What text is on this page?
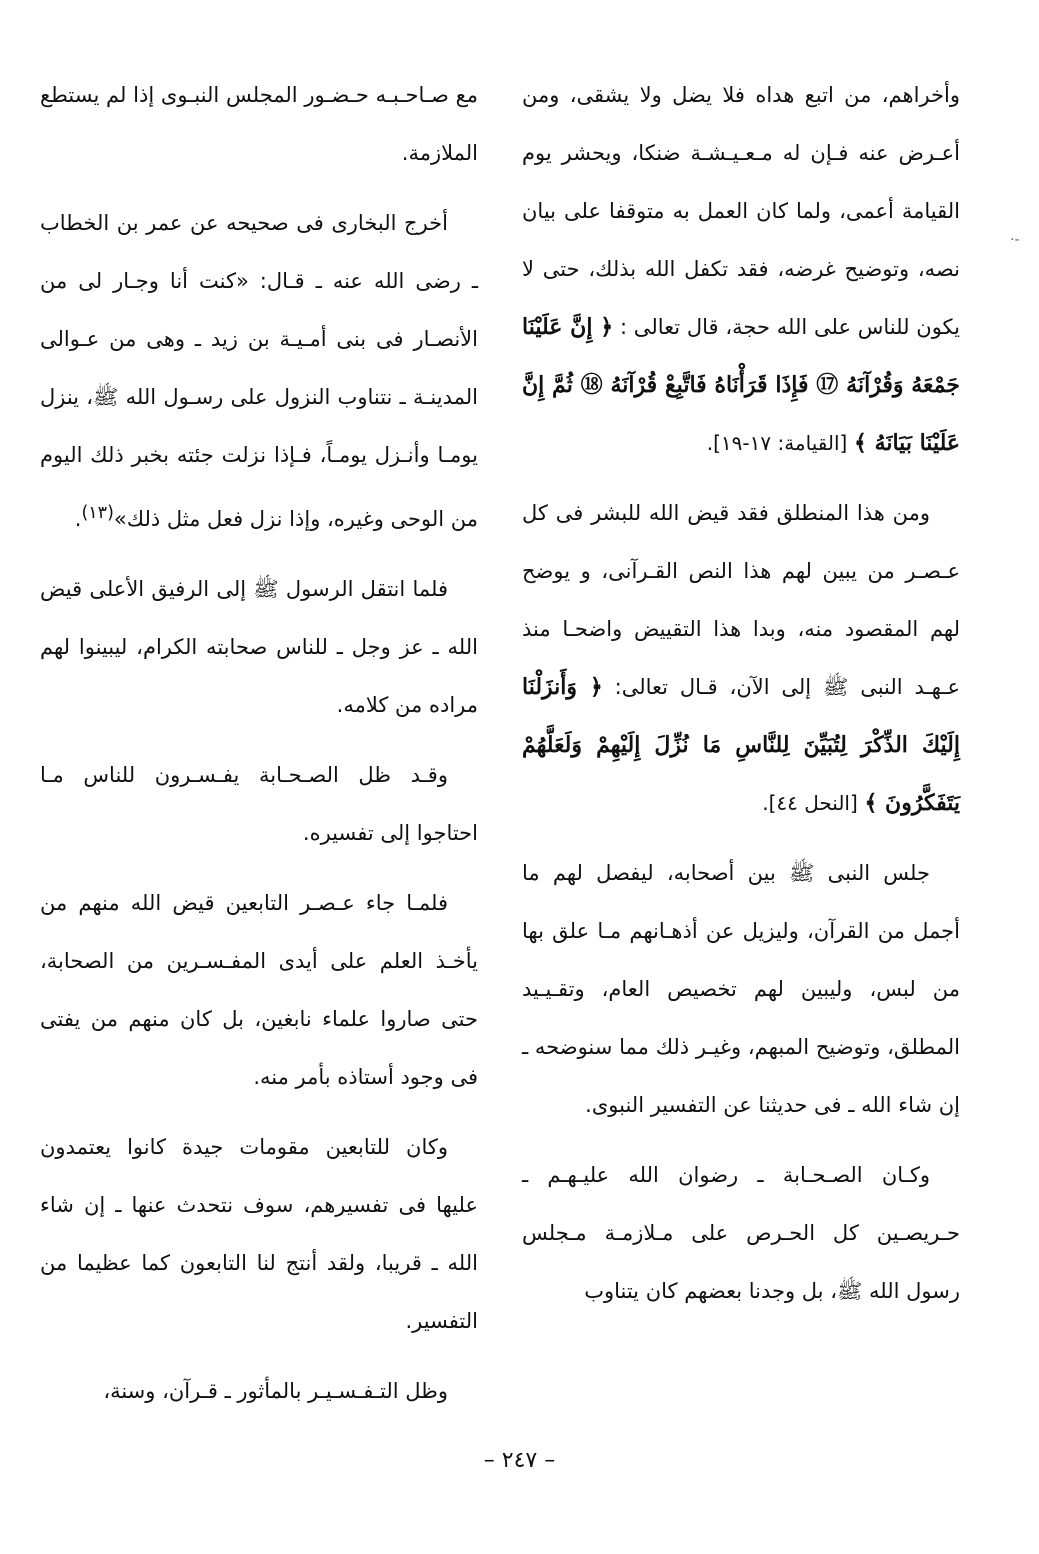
·-

وأخراهم، من اتبع هداه فلا يضل ولا يشقى، ومن أعـرض عنه فـإن له مـعـيـشـة ضنكا، ويحشر يوم القيامة أعمى، ولما كان العمل به متوقفا على بيان نصه، وتوضيح غرضه، فقد تكفل الله بذلك، حتى لا يكون للناس على الله حجة، قال تعالى : ﴿ إِنَّ عَلَيْنَا جَمْعَهُ وَقُرْآنَهُ ⑰ فَإِذَا قَرَأْنَاهُ فَاتَّبِعْ قُرْآنَهُ ⑱ ثُمَّ إِنَّ عَلَيْنَا بَيَانَهُ ﴾ [القيامة: ١٧-١٩].

ومن هذا المنطلق فقد قيض الله للبشر فى كل عـصـر من يبين لهم هذا النص القـرآنى، و يوضح لهم المقصود منه، وبدا هذا التقييض واضحـا منذ عـهـد النبى ﷺ إلى الآن، قـال تعالى: ﴿ وَأَنزَلْنَا إِلَيْكَ الذِّكْرَ لِتُبَيِّنَ لِلنَّاسِ مَا نُزِّلَ إِلَيْهِمْ وَلَعَلَّهُمْ يَتَفَكَّرُونَ ﴾ [النحل ٤٤].

جلس النبى ﷺ بين أصحابه، ليفصل لهم ما أجمل من القرآن، وليزيل عن أذهـانهم مـا علق بها من لبس، وليبين لهم تخصيص العام، وتقـيـيد المطلق، وتوضيح المبهم، وغيـر ذلك مما سنوضحه ـ إن شاء الله ـ فى حديثنا عن التفسير النبوى.

وكـان الصـحـابة ـ رضوان الله عليـهـم ـ حـريصـين كل الحـرص على مـلازمـة مـجلس رسول الله ﷺ، بل وجدنا بعضهم كان يتناوب

مع صـاحـبـه حـضـور المجلس النبـوى إذا لم يستطع الملازمة.

أخرج البخارى فى صحيحه عن عمر بن الخطاب ـ رضى الله عنه ـ قـال: «كنت أنا وجـار لى من الأنصـار فى بنى أمـيـة بن زيد ـ وهى من عـوالى المدينـة ـ نتناوب النزول على رسـول الله ﷺ، ينزل يومـا وأنـزل يومـاً، فـإذا نزلت جئته بخبر ذلك اليوم من الوحى وغيره، وإذا نزل فعل مثل ذلك»$^{(١٣)}$.

فلما انتقل الرسول ﷺ إلى الرفيق الأعلى قيض الله ـ عز وجل ـ للناس صحابته الكرام، ليبينوا لهم مراده من كلامه.

وقـد ظل الصـحـابة يفـسـرون للناس مـا احتاجوا إلى تفسيره.

فلمـا جاء عـصـر التابعين قيض الله منهم من يأخـذ العلم على أيدى المفـسـرين من الصحابة، حتى صاروا علماء نابغين، بل كان منهم من يفتى فى وجود أستاذه بأمر منه.

وكان للتابعين مقومات جيدة كانوا يعتمدون عليها فى تفسيرهم، سوف نتحدث عنها ـ إن شاء الله ـ قريبا، ولقد أنتج لنا التابعون كما عظيما من التفسير.

وظل التـفـسـيـر بالمأثور ـ قـرآن، وسنة،

– ٢٤٧ –
